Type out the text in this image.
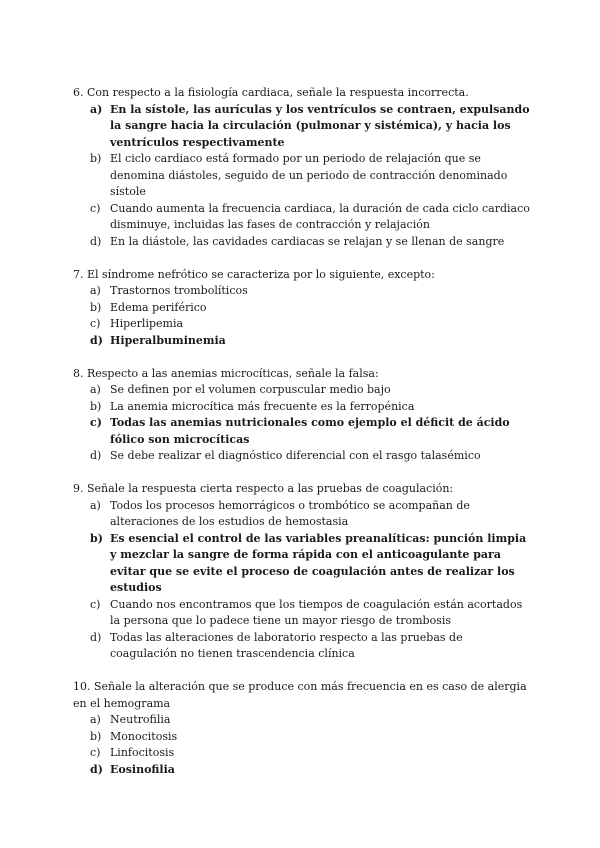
6. Con respecto a la fisiología cardiaca, señale la respuesta incorrecta.

a) En la sístole, las aurículas y los ventrículos se contraen, expulsando la sangre hacia la circulación (pulmonar y sistémica), y hacia los ventrículos respectivamente
b) El ciclo cardiaco está formado por un periodo de relajación que se denomina diástoles, seguido de un periodo de contracción denominado sístole
c) Cuando aumenta la frecuencia cardiaca, la duración de cada ciclo cardiaco disminuye, incluidas las fases de contracción y relajación
d) En la diástole, las cavidades cardiacas se relajan y se llenan de sangre

7. El síndrome nefrótico se caracteriza por lo siguiente, excepto:

a) Trastornos trombolíticos
b) Edema periférico
c) Hiperlipemia
d) Hiperalbuminemia

8. Respecto a las anemias microcíticas, señale la falsa:

a) Se definen por el volumen corpuscular medio bajo
b) La anemia microcítica más frecuente es la ferropénica
c) Todas las anemias nutricionales como ejemplo el déficit de ácido fólico son microcíticas
d) Se debe realizar el diagnóstico diferencial con el rasgo talasémico

9. Señale la respuesta cierta respecto a las pruebas de coagulación:

a) Todos los procesos hemorrágicos o trombótico se acompañan de alteraciones de los estudios de hemostasia
b) Es esencial el control de las variables preanalíticas: punción limpia y mezclar la sangre de forma rápida con el anticoagulante para evitar que se evite el proceso de coagulación antes de realizar los estudios
c) Cuando nos encontramos que los tiempos de coagulación están acortados la persona que lo padece tiene un mayor riesgo de trombosis
d) Todas las alteraciones de laboratorio respecto a las pruebas de coagulación no tienen trascendencia clínica

10. Señale la alteración que se produce con más frecuencia en es caso de alergia en el hemograma

a) Neutrofilia
b) Monocitosis
c) Linfocitosis
d) Eosinofilia
